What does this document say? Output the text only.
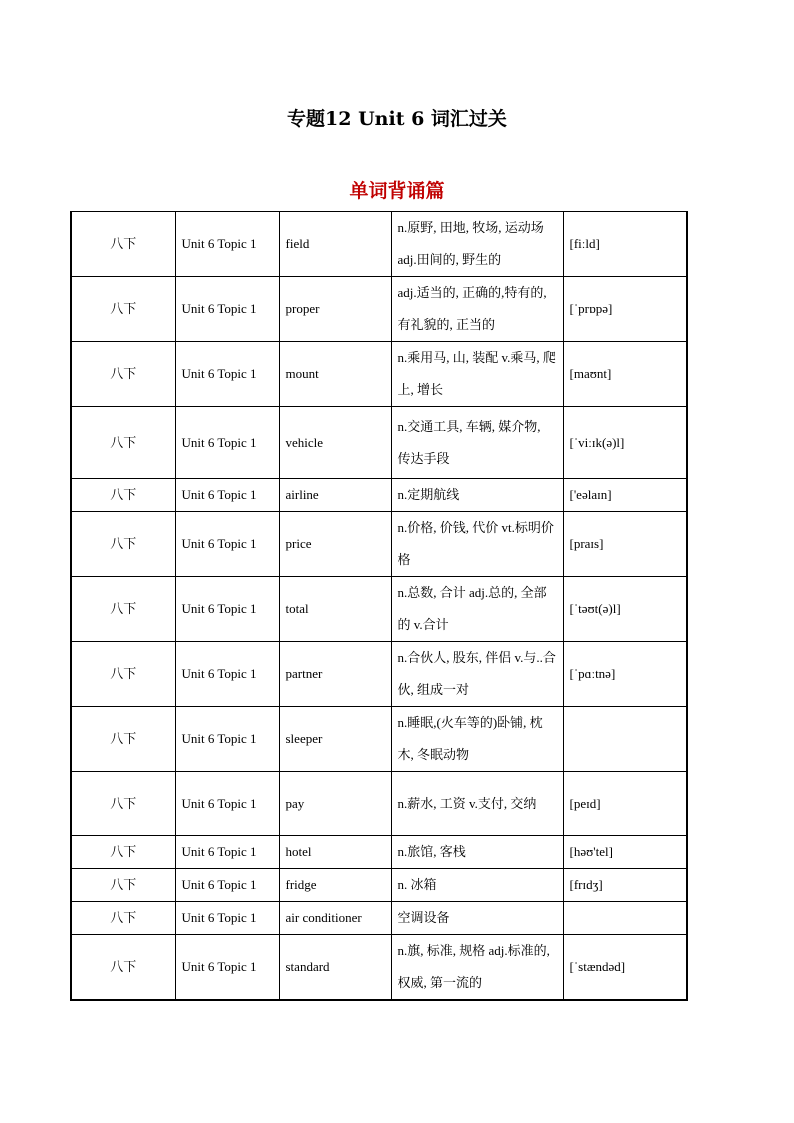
专题12 Unit 6 词汇过关
单词背诵篇
八下	Unit 6 Topic 1	field	n.原野, 田地, 牧场, 运动场 adj.田间的, 野生的	[fiːld]
八下	Unit 6 Topic 1	proper	adj.适当的, 正确的,特有的, 有礼貌的, 正当的	[ˈprɒpə]
八下	Unit 6 Topic 1	mount	n.乘用马, 山, 装配 v.乘马, 爬上, 增长	[maʊnt]
八下	Unit 6 Topic 1	vehicle	n.交通工具, 车辆, 媒介物, 传达手段	[ˈviːɪk(ə)l]
八下	Unit 6 Topic 1	airline	n.定期航线	['eəlaɪn]
八下	Unit 6 Topic 1	price	n.价格, 价钱, 代价 vt.标明价格	[praɪs]
八下	Unit 6 Topic 1	total	n.总数, 合计 adj.总的, 全部的 v.合计	[ˈtəʊt(ə)l]
八下	Unit 6 Topic 1	partner	n.合伙人, 股东, 伴侣 v.与..合伙, 组成一对	[ˈpɑːtnə]
八下	Unit 6 Topic 1	sleeper	n.睡眠,(火车等的)卧铺, 枕木, 冬眠动物	
八下	Unit 6 Topic 1	pay	n.薪水, 工资 v.支付, 交纳	[peɪd]
八下	Unit 6 Topic 1	hotel	n.旅馆, 客栈	[həʊ'tel]
八下	Unit 6 Topic 1	fridge	n. 冰箱	[frɪdʒ]
八下	Unit 6 Topic 1	air conditioner	空调设备	
八下	Unit 6 Topic 1	standard	n.旗, 标准, 规格 adj.标准的, 权威, 第一流的	[ˈstændəd]
